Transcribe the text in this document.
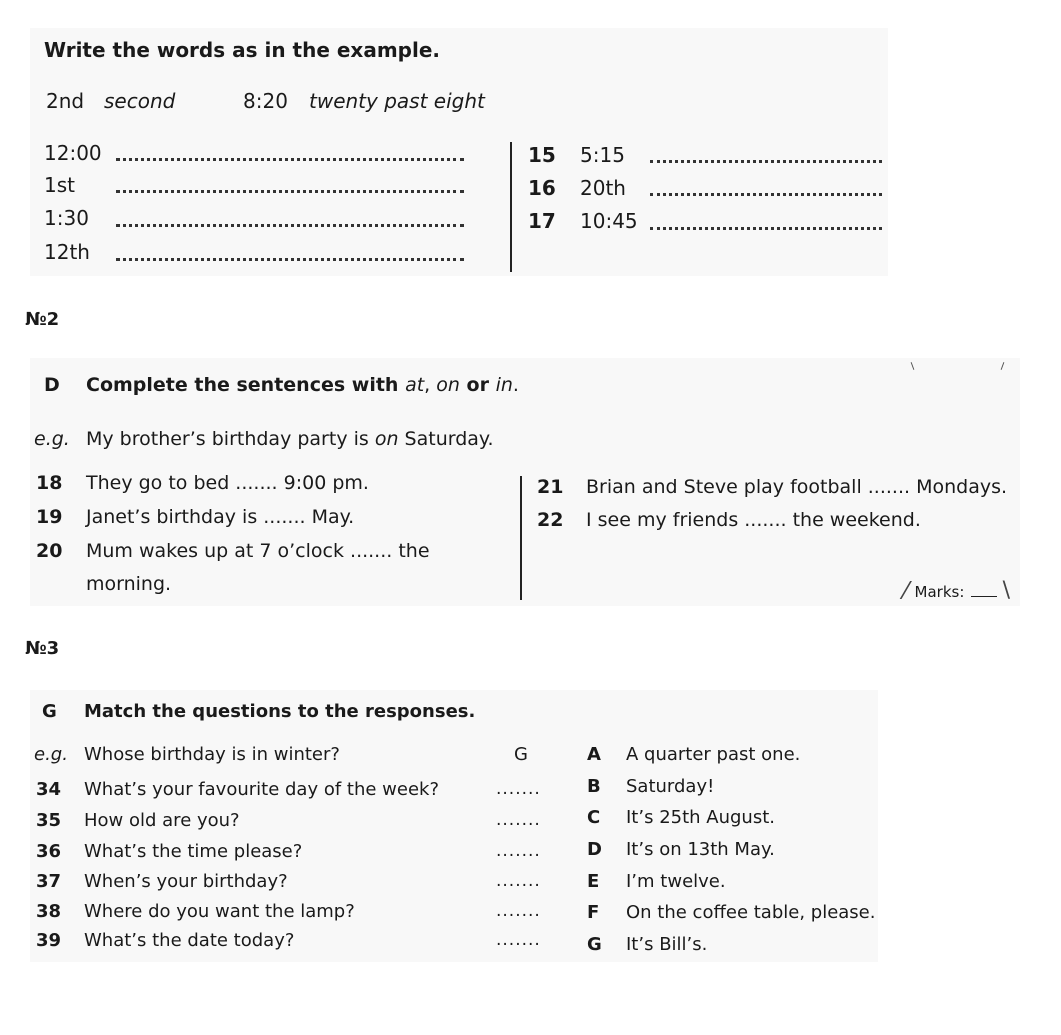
Write the words as in the example.
2nd second	8:20 twenty past eight
12:00
1st
1:30
12th
15 5:15
16 20th
17 10:45
№2
D Complete the sentences with at, on or in.
e.g. My brother’s birthday party is on Saturday.
18 They go to bed ....... 9:00 pm.
19 Janet’s birthday is ....... May.
20 Mum wakes up at 7 o’clock ....... the
morning.
21 Brian and Steve play football ....... Mondays.
22 I see my friends ....... the weekend.
/ Marks: \
№3
G Match the questions to the responses.
e.g. Whose birthday is in winter?	G	A A quarter past one.
34 What’s your favourite day of the week?	.......	B Saturday!
35 How old are you?	.......	C It’s 25th August.
36 What’s the time please?	.......	D It’s on 13th May.
37 When’s your birthday?	.......	E I’m twelve.
38 Where do you want the lamp?	.......	F On the coffee table, please.
39 What’s the date today?	.......	G It’s Bill’s.
